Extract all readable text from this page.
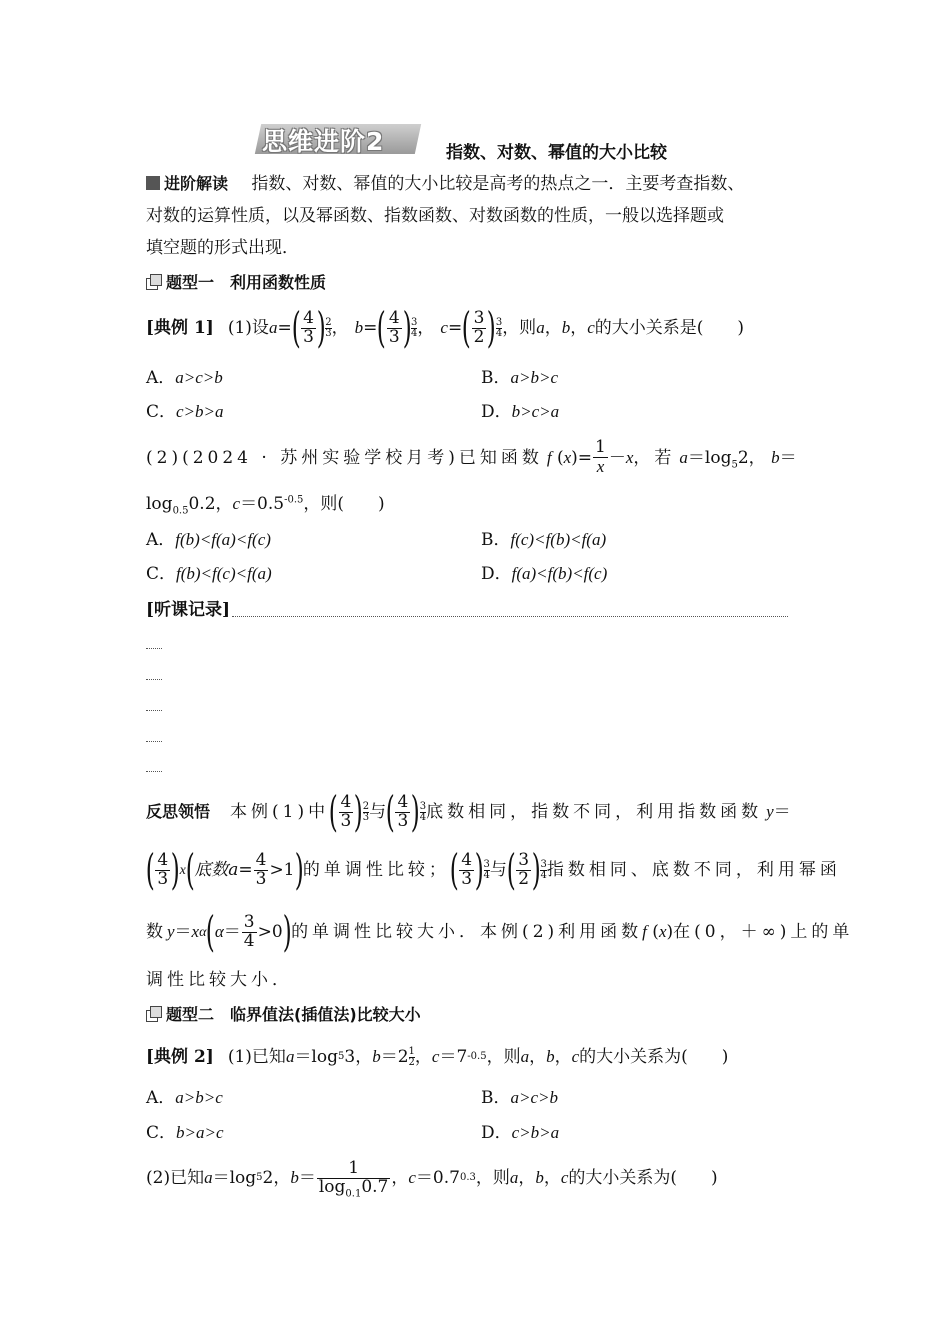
思维进阶2	指数、对数、幂值的大小比较
进阶解读 指数、对数、幂值的大小比较是高考的热点之一．主要考查指数、
对数的运算性质，以及幂函数、指数函数、对数函数的性质，一般以选择题或
填空题的形式出现．
题型一　利用函数性质
[典例 1] (1)设 a = ( $\frac{4}{3}$ ) 2
3 ， b = ( $\frac{4}{3}$ ) 3
4 ， c = ( $\frac{3}{2}$ ) 3
4 ，则 a ， b ， c 的大小关系是(　　)
A．a>c>b	B．a>b>c
C．c>b>a	D．b>c>a
(2)(2024 · 苏州实验学校月考)已知函数 f $(x)= \frac{1}{x} - x$ ，若 $a=\log_52$， b＝
$\log_{0.5}0.2$，$c=0.5^{-0.5}$，则(　　)
A．f(b)<f(a)<f(c)	B．f(c)<f(b)<f(a)
C．f(b)<f(c)<f(a)	D．f(a)<f(b)<f(c)
[听课记录]
反思领悟 本例(1)中 ( $\frac{4}{3}$ ) 2
3 与 ( $\frac{4}{3}$ ) 3
4 底数相同，指数不同，利用指数函数 y ＝
( $\frac{4}{3}$ ) x ( 底数$a= \frac{4}{3} >1$ ) 的单调性比较； ( $\frac{4}{3}$ ) 3
4 与 ( $\frac{3}{2}$ ) 3
4 指数相同、底数不同，利用幂函
数 y ＝ x α ( $\alpha = \frac{3}{4} >0$ ) 的单调性比较大小．本例(2)利用函数 f (x) 在(0，＋∞)上的单
调性比较大小．
题型二　临界值法(插值法)比较大小
[典例 2] (1)已知 a ＝log 5 3， b ＝2 1
2 ， c ＝7 -0.5 ，则 a ， b ， c 的大小关系为(　　)
A．a>b>c	B．a>c>b
C．b>a>c	D．c>b>a
(2)已知 a ＝log 5 2， $b = \frac{1}{\log_{0.1}0.7}$ ， c ＝0.7 0.3 ，则 a ， b ， c 的大小关系为(　　)
